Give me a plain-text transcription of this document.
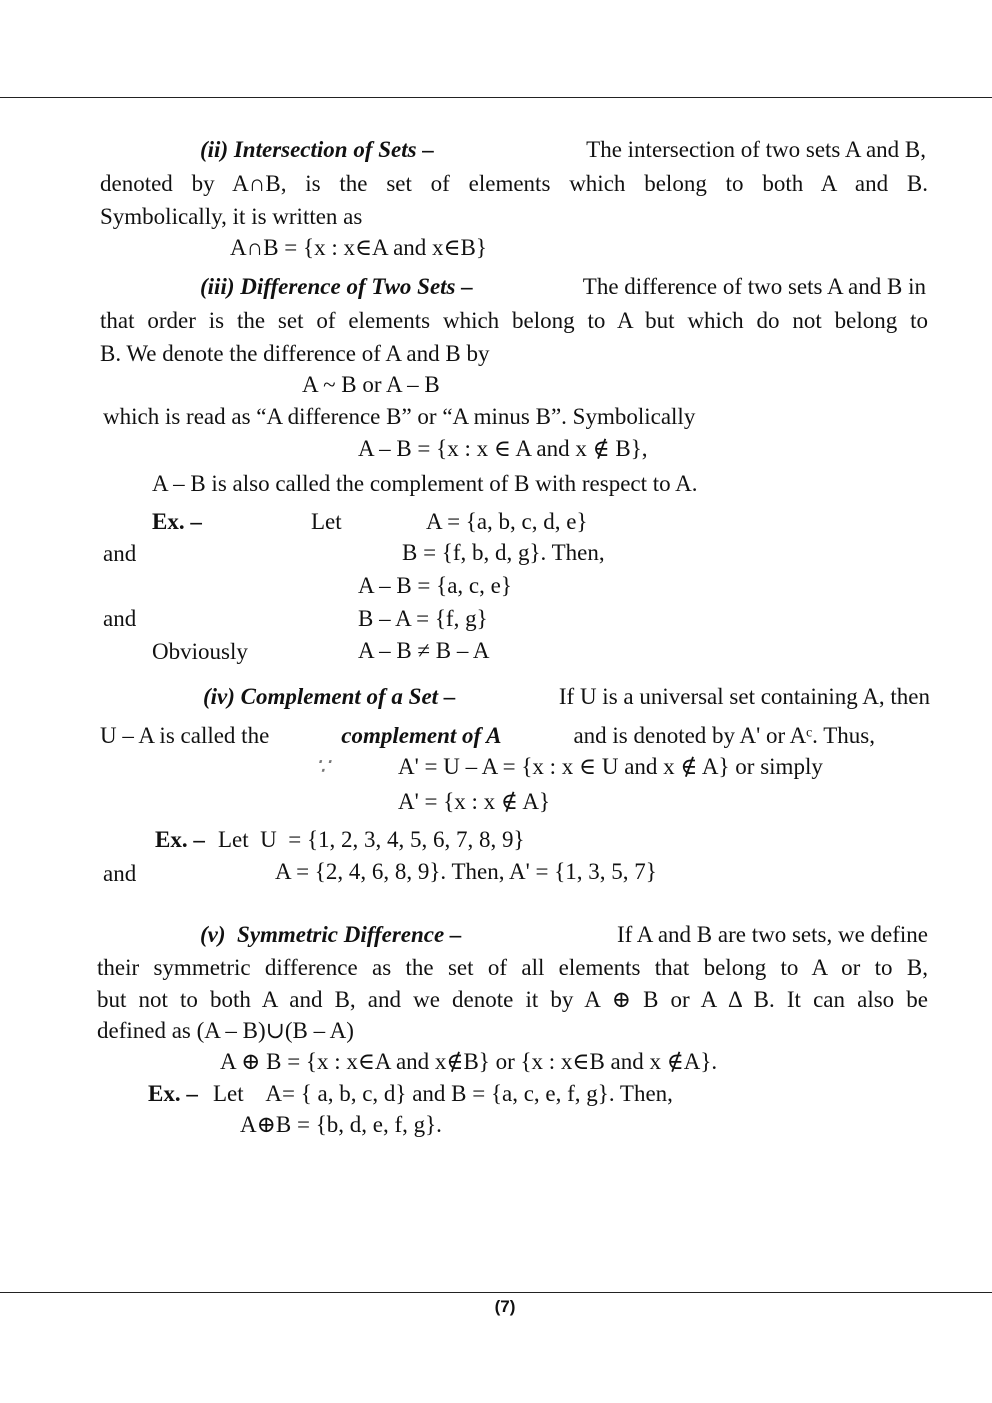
(ii) Intersection of Sets –	The intersection of two sets A and B,
denoted by A∩B, is the set of elements which belong to both A and B.
Symbolically, it is written as
A∩B = {x : x∈A and x∈B}
(iii) Difference of Two Sets –	The difference of two sets A and B in
that order is the set of elements which belong to A but which do not belong to
B. We denote the difference of A and B by
A ~ B or A – B
which is read as “A difference B” or “A minus B”. Symbolically
A – B = {x : x ∈ A and x ∉ B},
A – B is also called the complement of B with respect to A.
Ex. –	Let	A = {a, b, c, d, e}
and	B = {f, b, d, g}. Then,
A – B = {a, c, e}
and	B – A = {f, g}
Obviously	A – B ≠ B – A
(iv) Complement of a Set –	If U is a universal set containing A, then
U – A is called the	complement of A	and is denoted by A' or Aᶜ. Thus,
∵	A' = U – A = {x : x ∈ U and x ∉ A} or simply
A' = {x : x ∉ A}
Ex. – Let  U  = {1, 2, 3, 4, 5, 6, 7, 8, 9}
and	A = {2, 4, 6, 8, 9}. Then, A' = {1, 3, 5, 7}
(v)  Symmetric Difference –	If A and B are two sets, we define
their symmetric difference as the set of all elements that belong to A or to B,
but not to both A and B, and we denote it by A ⊕ B or A Δ B. It can also be
defined as (A – B)∪(B – A)
A ⊕ B = {x : x∈A and x∉B} or {x : x∈B and x ∉A}.
Ex. – Let    A= { a, b, c, d} and B = {a, c, e, f, g}. Then,
A⊕B = {b, d, e, f, g}.
(7)
